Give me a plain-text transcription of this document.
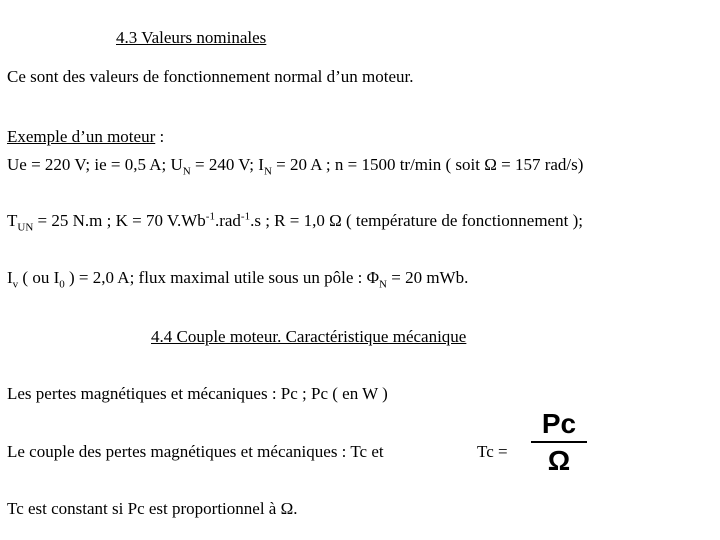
4.3 Valeurs nominales
Ce sont des valeurs de fonctionnement normal d’un moteur.
Exemple d’un moteur :
Ue = 220 V; ie = 0,5 A; $U_N = 240$ V; $I_N = 20$ A ; n = 1500 tr/min ( soit Ω = 157 rad/s)
$T_{UN} = 25$ N.m ; K = 70 $V.Wb^{-1}.rad^{-1}.s$ ; R = 1,0 Ω ( température de fonctionnement );
$I_v$ ( ou $I_0$ ) = 2,0 A; flux maximal utile sous un pôle : $\Phi_N = 20$ mWb.
4.4 Couple moteur. Caractéristique mécanique
Les pertes magnétiques et mécaniques : Pc ; Pc ( en W )
Le couple des pertes magnétiques et mécaniques : Tc et	Tc =
Pc
Ω
Tc est constant si Pc est proportionnel à Ω.
